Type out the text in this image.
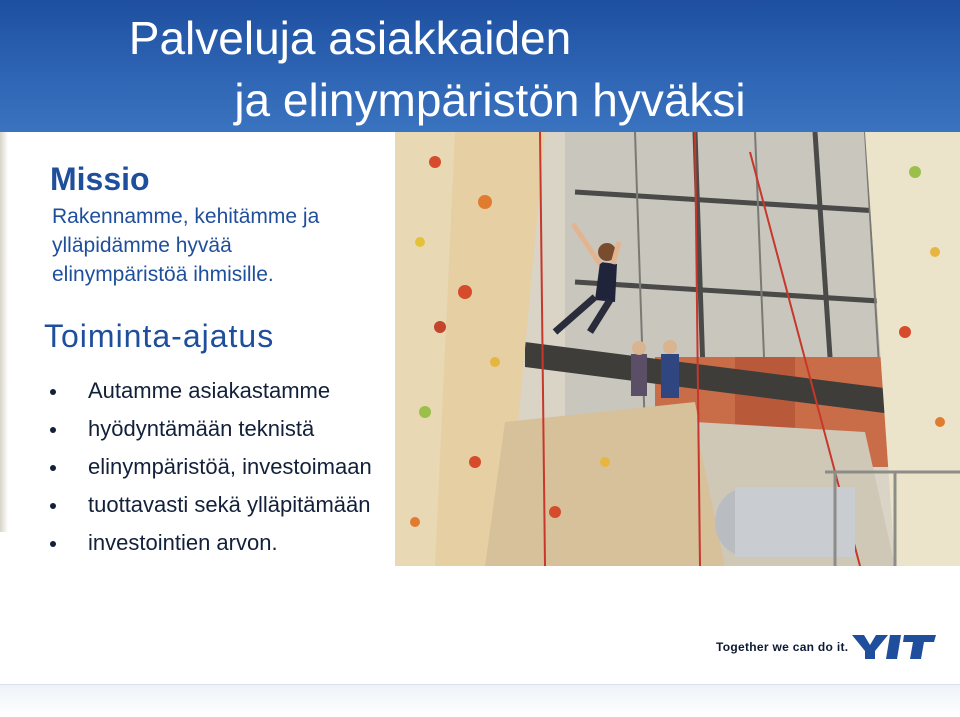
Palveluja asiakkaiden
ja elinympäristön hyväksi
Missio
Rakennamme, kehitämme ja
ylläpidämme hyvää
elinympäristöä ihmisille.
Toiminta-ajatus
Autamme asiakastamme
hyödyntämään teknistä
elinympäristöä, investoimaan
tuottavasti sekä ylläpitämään
investointien arvon.
Together we can do it.
